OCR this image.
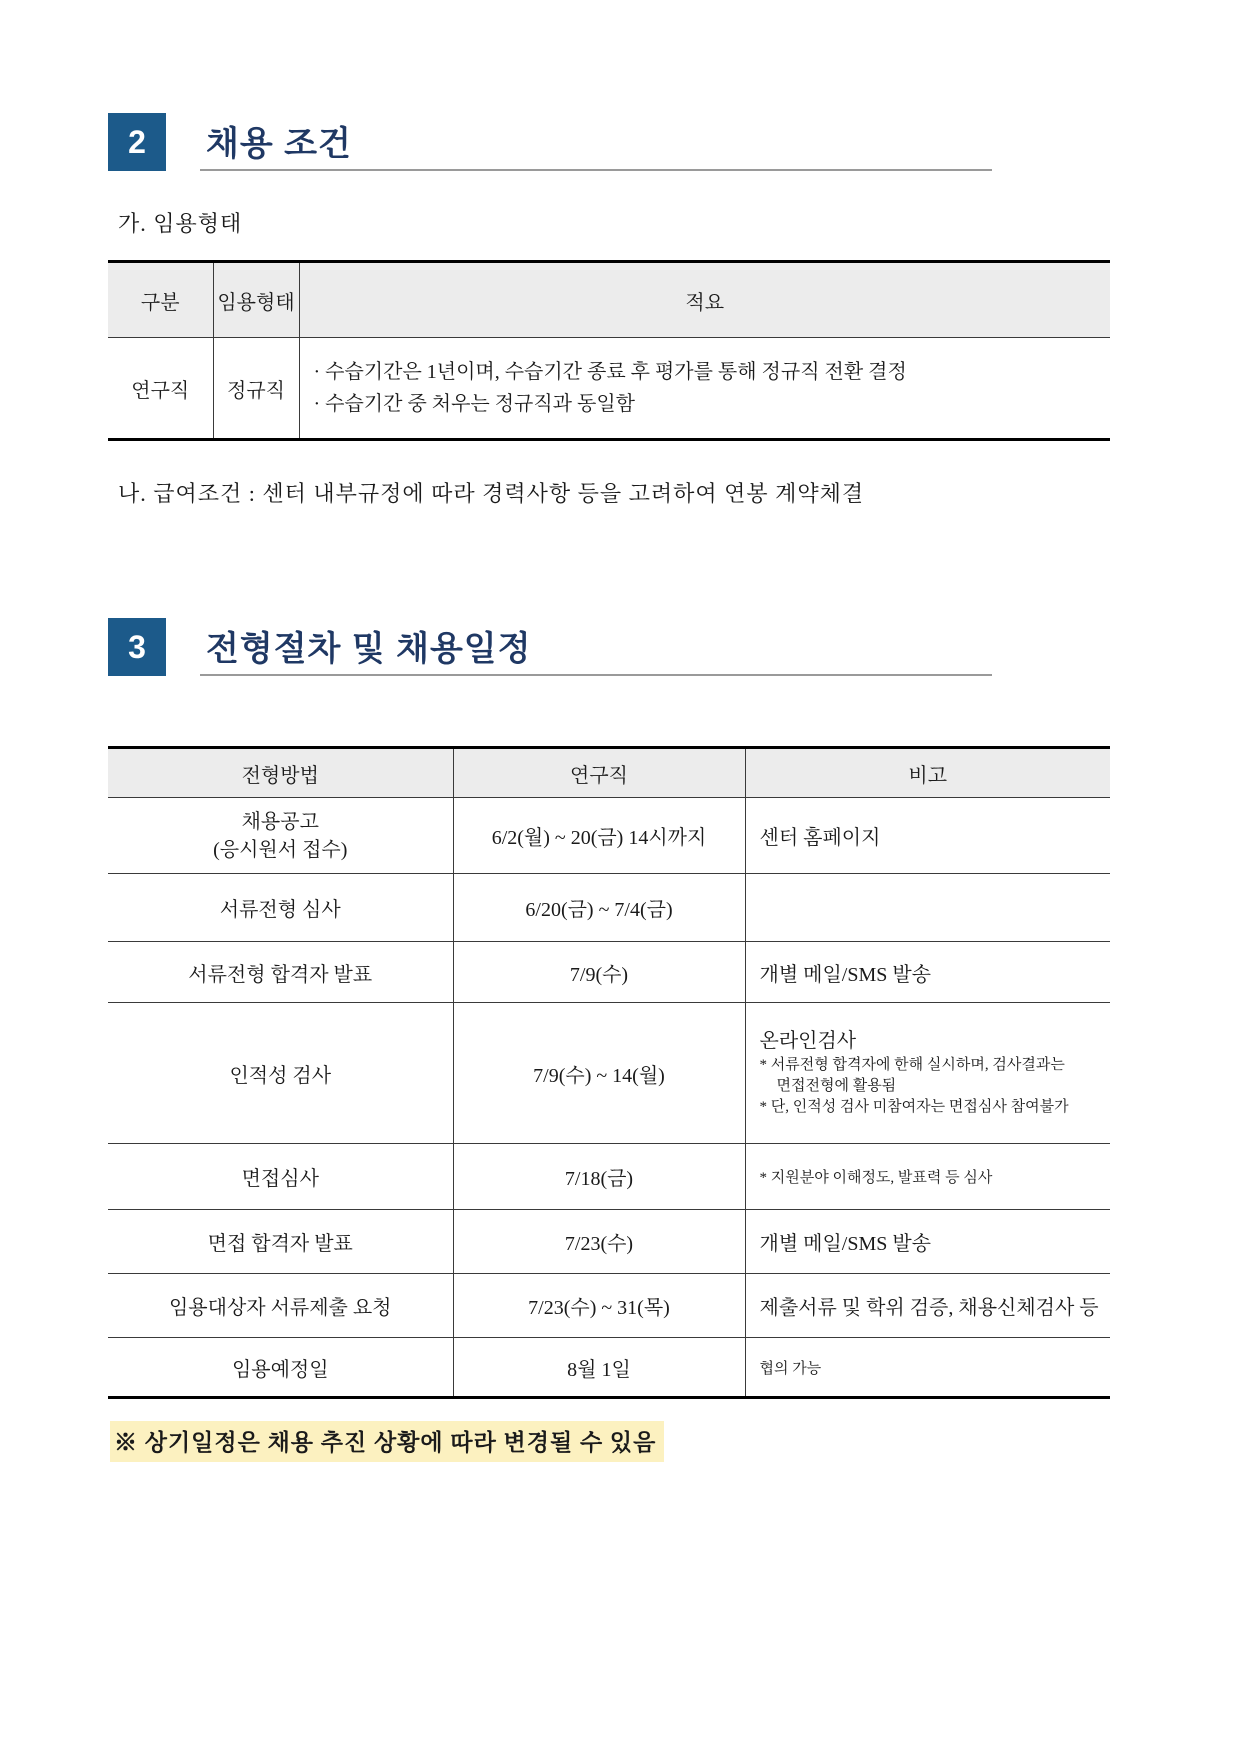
2	채용 조건
가. 임용형태
구분	임용형태	적요
연구직	정규직	· 수습기간은 1년이며, 수습기간 종료 후 평가를 통해 정규직 전환 결정
· 수습기간 중 처우는 정규직과 동일함
나. 급여조건 : 센터 내부규정에 따라 경력사항 등을 고려하여 연봉 계약체결
3	전형절차 및 채용일정
전형방법	연구직	비고

채용공고
(응시원서 접수)	6/2(월) ~ 20(금) 14시까지	센터 홈페이지
서류전형 심사	6/20(금) ~ 7/4(금)	
서류전형 합격자 발표	7/9(수)	개별 메일/SMS 발송
인적성 검사	7/9(수) ~ 14(월)	온라인검사
* 서류전형 합격자에 한해 실시하며, 검사결과는
면접전형에 활용됨
* 단, 인적성 검사 미참여자는 면접심사 참여불가

면접심사	7/18(금)	* 지원분야 이해정도, 발표력 등 심사
면접 합격자 발표	7/23(수)	개별 메일/SMS 발송
임용대상자 서류제출 요청	7/23(수) ~ 31(목)	제출서류 및 학위 검증, 채용신체검사 등
임용예정일	8월 1일	협의 가능
※ 상기일정은 채용 추진 상황에 따라 변경될 수 있음
